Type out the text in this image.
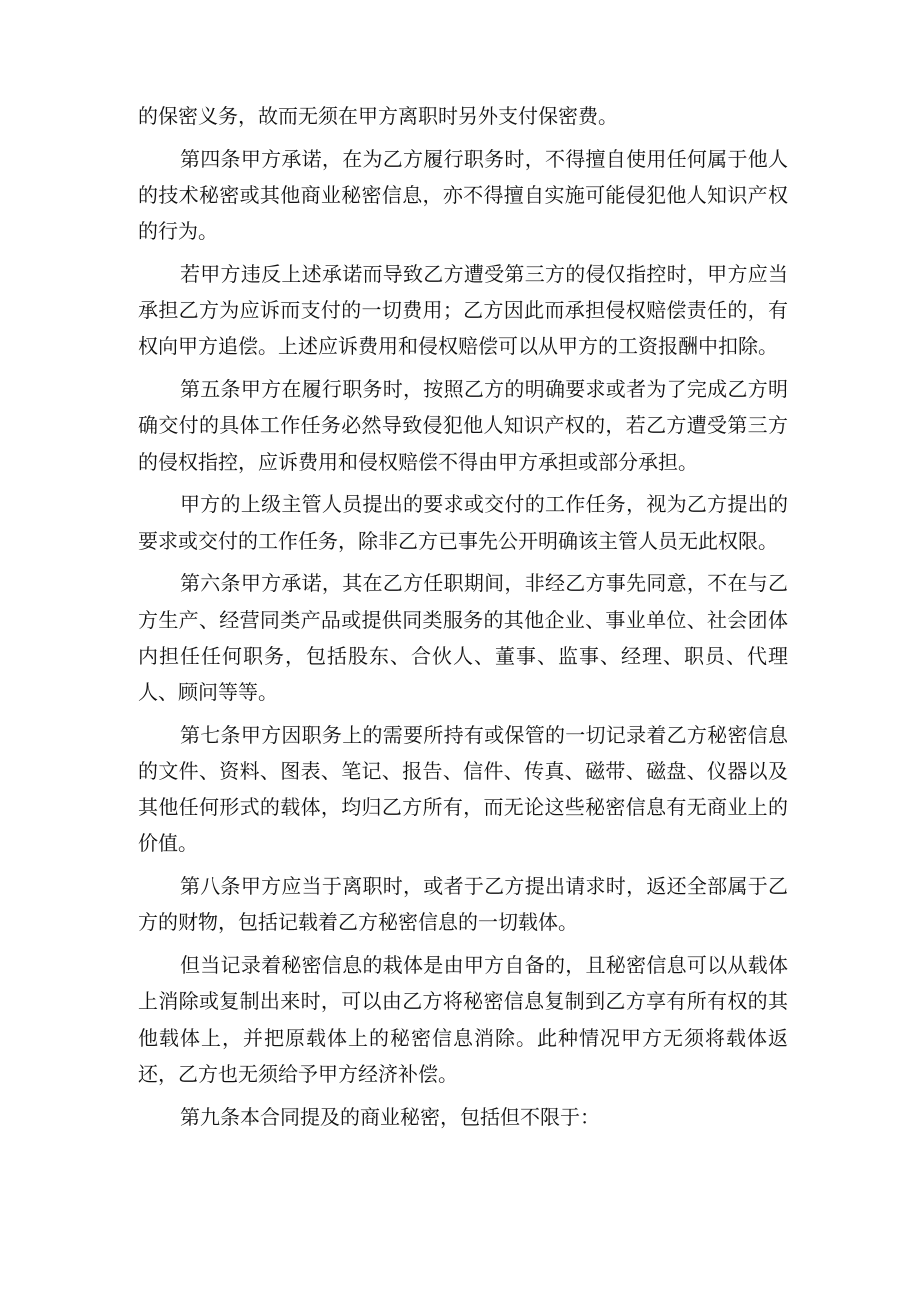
的保密义务，故而无须在甲方离职时另外支付保密费。

第四条甲方承诺，在为乙方履行职务时，不得擅自使用任何属于他人的技术秘密或其他商业秘密信息，亦不得擅自实施可能侵犯他人知识产权的行为。

若甲方违反上述承诺而导致乙方遭受第三方的侵仅指控时，甲方应当承担乙方为应诉而支付的一切费用；乙方因此而承担侵权赔偿责任的，有权向甲方追偿。上述应诉费用和侵权赔偿可以从甲方的工资报酬中扣除。

第五条甲方在履行职务时，按照乙方的明确要求或者为了完成乙方明确交付的具体工作任务必然导致侵犯他人知识产权的，若乙方遭受第三方的侵权指控，应诉费用和侵权赔偿不得由甲方承担或部分承担。

甲方的上级主管人员提出的要求或交付的工作任务，视为乙方提出的要求或交付的工作任务，除非乙方已事先公开明确该主管人员无此权限。

第六条甲方承诺，其在乙方任职期间，非经乙方事先同意，不在与乙方生产、经营同类产品或提供同类服务的其他企业、事业单位、社会团体内担任任何职务，包括股东、合伙人、董事、监事、经理、职员、代理人、顾问等等。

第七条甲方因职务上的需要所持有或保管的一切记录着乙方秘密信息的文件、资料、图表、笔记、报告、信件、传真、磁带、磁盘、仪器以及其他任何形式的载体，均归乙方所有，而无论这些秘密信息有无商业上的价值。

第八条甲方应当于离职时，或者于乙方提出请求时，返还全部属于乙方的财物，包括记载着乙方秘密信息的一切载体。

但当记录着秘密信息的栽体是由甲方自备的，且秘密信息可以从载体上消除或复制出来时，可以由乙方将秘密信息复制到乙方享有所有权的其他载体上，并把原载体上的秘密信息消除。此种情况甲方无须将载体返还，乙方也无须给予甲方经济补偿。

第九条本合同提及的商业秘密，包括但不限于：
